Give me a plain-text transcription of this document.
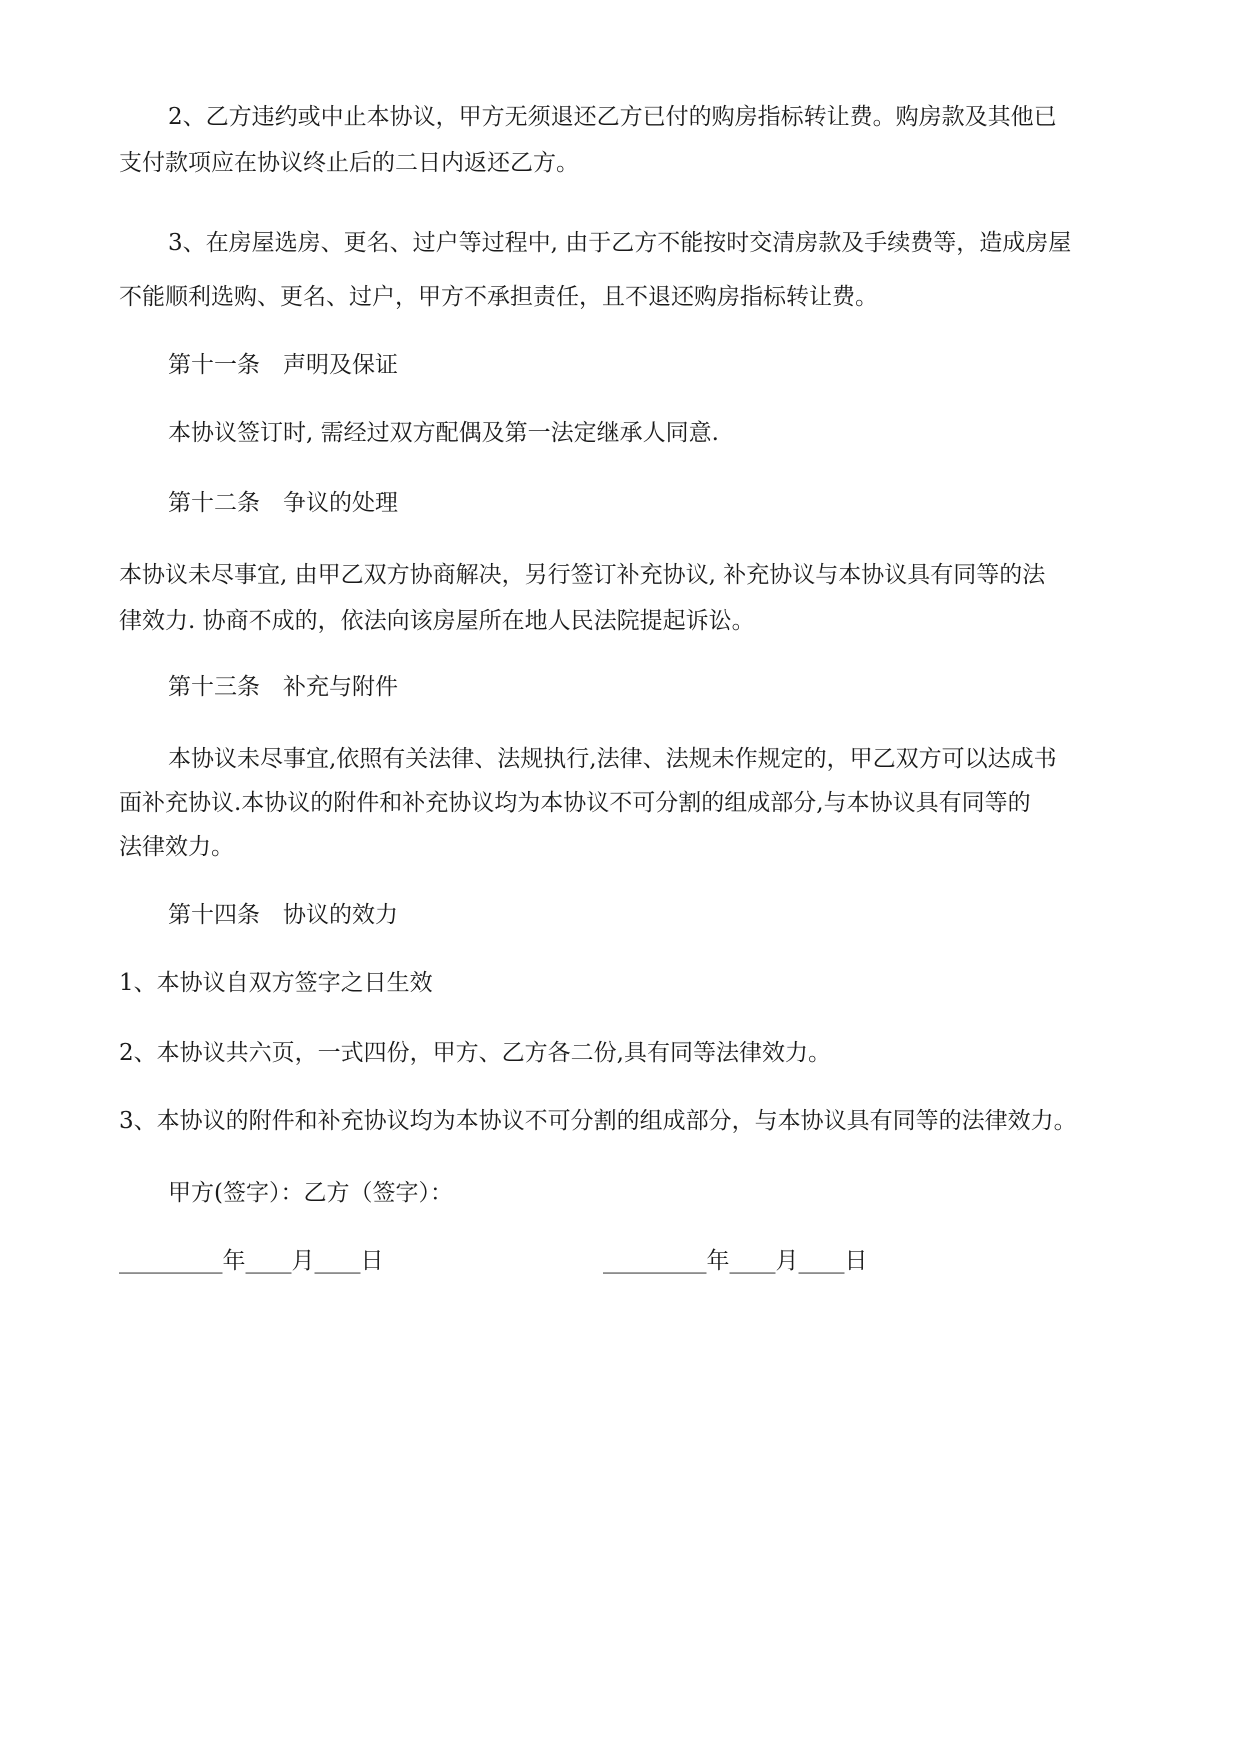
2、乙方违约或中止本协议，甲方无须退还乙方已付的购房指标转让费。购房款及其他已
支付款项应在协议终止后的二日内返还乙方。
3、在房屋选房、更名、过户等过程中, 由于乙方不能按时交清房款及手续费等，造成房屋
不能顺利选购、更名、过户，甲方不承担责任，且不退还购房指标转让费。
第十一条　声明及保证
本协议签订时, 需经过双方配偶及第一法定继承人同意.
第十二条　争议的处理
本协议未尽事宜, 由甲乙双方协商解决，另行签订补充协议, 补充协议与本协议具有同等的法
律效力. 协商不成的，依法向该房屋所在地人民法院提起诉讼。
第十三条　补充与附件
本协议未尽事宜,依照有关法律、法规执行,法律、法规未作规定的，甲乙双方可以达成书
面补充协议.本协议的附件和补充协议均为本协议不可分割的组成部分,与本协议具有同等的
法律效力。
第十四条　协议的效力
1、本协议自双方签字之日生效
2、本协议共六页，一式四份，甲方、乙方各二份,具有同等法律效力。
3、本协议的附件和补充协议均为本协议不可分割的组成部分，与本协议具有同等的法律效力。
甲方(签字）：乙方（签字）：
_________年____月____日	_________年____月____日
